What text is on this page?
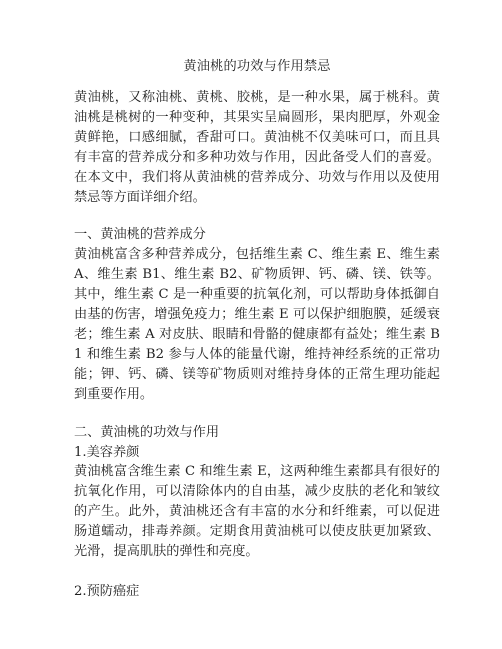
黄油桃的功效与作用禁忌

黄油桃，又称油桃、黄桃、胶桃，是一种水果，属于桃科。黄油桃是桃树的一种变种，其果实呈扁圆形，果肉肥厚，外观金黄鲜艳，口感细腻，香甜可口。黄油桃不仅美味可口，而且具有丰富的营养成分和多种功效与作用，因此备受人们的喜爱。在本文中，我们将从黄油桃的营养成分、功效与作用以及使用禁忌等方面详细介绍。

一、黄油桃的营养成分

黄油桃富含多种营养成分，包括维生素 C、维生素 E、维生素 A、维生素 B1、维生素 B2、矿物质钾、钙、磷、镁、铁等。其中，维生素 C 是一种重要的抗氧化剂，可以帮助身体抵御自由基的伤害，增强免疫力；维生素 E 可以保护细胞膜，延缓衰老；维生素 A 对皮肤、眼睛和骨骼的健康都有益处；维生素 B1 和维生素 B2 参与人体的能量代谢，维持神经系统的正常功能；钾、钙、磷、镁等矿物质则对维持身体的正常生理功能起到重要作用。

二、黄油桃的功效与作用

1.美容养颜

黄油桃富含维生素 C 和维生素 E，这两种维生素都具有很好的抗氧化作用，可以清除体内的自由基，减少皮肤的老化和皱纹的产生。此外，黄油桃还含有丰富的水分和纤维素，可以促进肠道蠕动，排毒养颜。定期食用黄油桃可以使皮肤更加紧致、光滑，提高肌肤的弹性和亮度。

2.预防癌症
